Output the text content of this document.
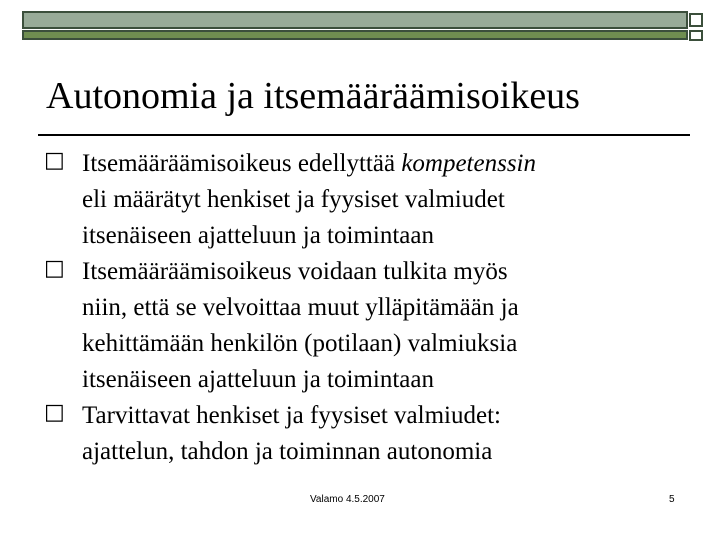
Autonomia ja itsemääräämisoikeus
□ Itsemääräämisoikeus edellyttää kompetenssin
eli määrätyt henkiset ja fyysiset valmiudet
itsenäiseen ajatteluun ja toimintaan
□ Itsemääräämisoikeus voidaan tulkita myös
niin, että se velvoittaa muut ylläpitämään ja
kehittämään henkilön (potilaan) valmiuksia
itsenäiseen ajatteluun ja toimintaan
□ Tarvittavat henkiset ja fyysiset valmiudet:
ajattelun, tahdon ja toiminnan autonomia
Valamo 4.5.2007	5
